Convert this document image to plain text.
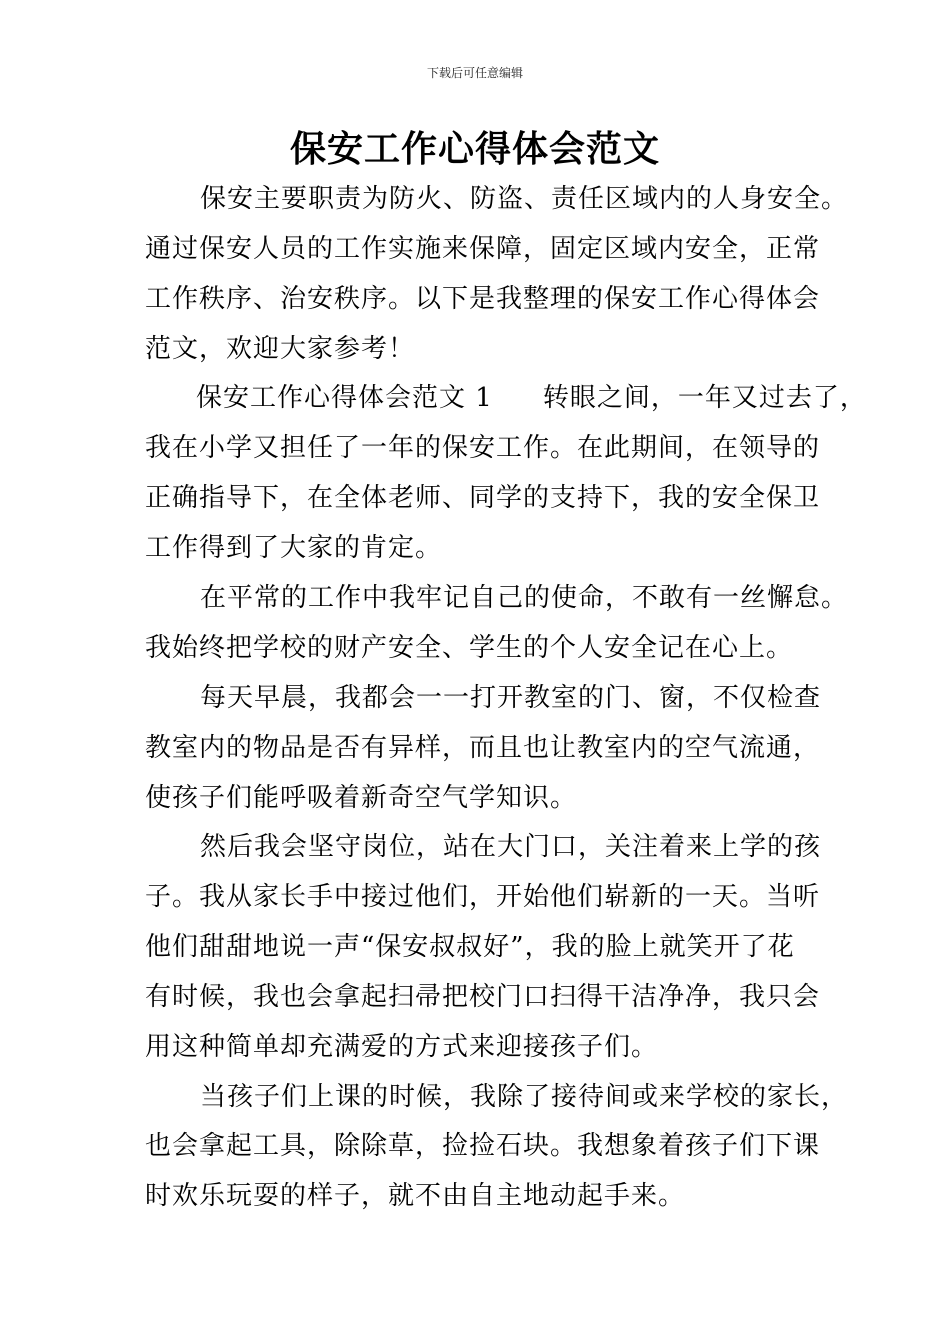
下载后可任意编辑
保安工作心得体会范文
保安主要职责为防火、防盗、责任区域内的人身安全。
通过保安人员的工作实施来保障，固定区域内安全，正常
工作秩序、治安秩序。以下是我整理的保安工作心得体会
范文，欢迎大家参考！
保安工作心得体会范文 1 转眼之间，一年又过去了，
我在小学又担任了一年的保安工作。在此期间，在领导的
正确指导下，在全体老师、同学的支持下，我的安全保卫
工作得到了大家的肯定。
在平常的工作中我牢记自己的使命，不敢有一丝懈怠。
我始终把学校的财产安全、学生的个人安全记在心上。
每天早晨，我都会一一打开教室的门、窗，不仅检查
教室内的物品是否有异样，而且也让教室内的空气流通，
使孩子们能呼吸着新奇空气学知识。
然后我会坚守岗位，站在大门口，关注着来上学的孩
子。我从家长手中接过他们，开始他们崭新的一天。当听
他们甜甜地说一声“保安叔叔好”，我的脸上就笑开了花
有时候，我也会拿起扫帚把校门口扫得干洁净净，我只会
用这种简单却充满爱的方式来迎接孩子们。
当孩子们上课的时候，我除了接待间或来学校的家长，
也会拿起工具，除除草，捡捡石块。我想象着孩子们下课
时欢乐玩耍的样子，就不由自主地动起手来。
